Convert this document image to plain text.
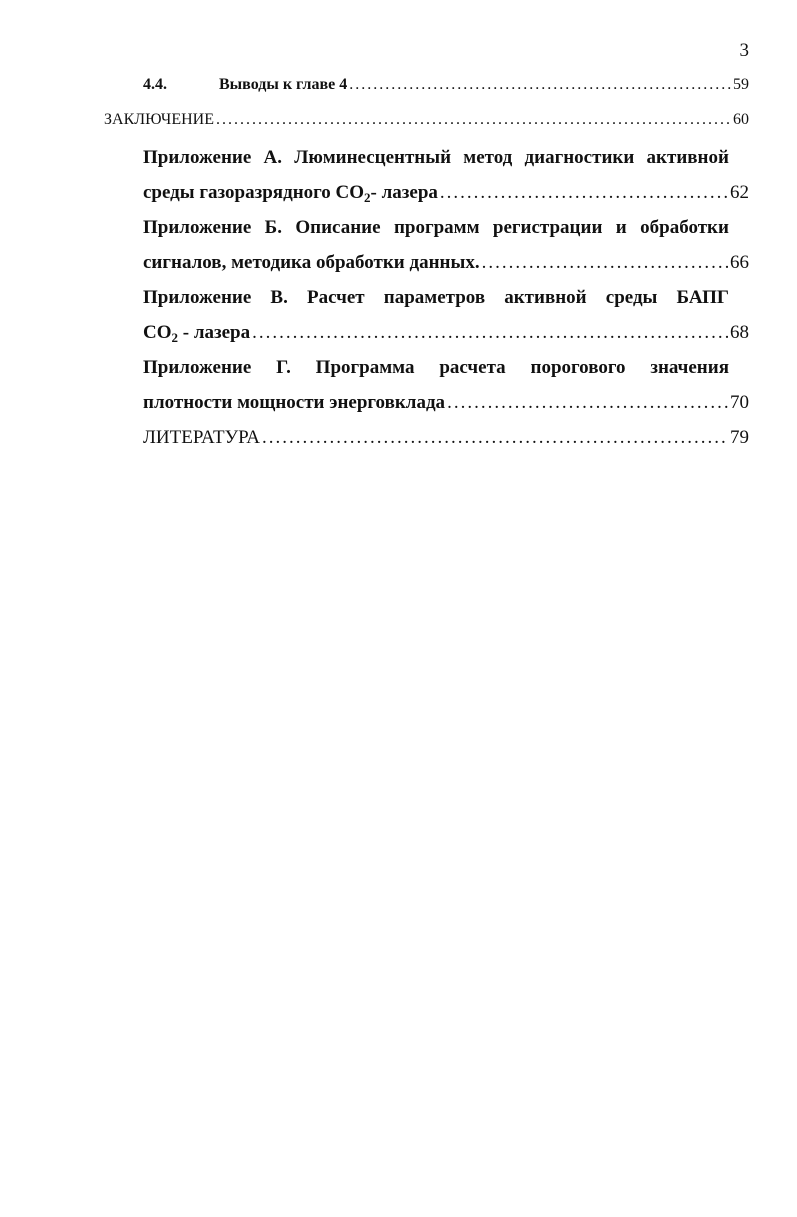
3
4.4.	Выводы к главе 4 .....	59
ЗАКЛЮЧЕНИЕ .....	60
Приложение А. Люминесцентный метод диагностики активной
среды газоразрядного $CO_2-$ лазера .....	62
Приложение Б. Описание программ регистрации и обработки
сигналов, методика обработки данных. .....	66
Приложение В. Расчет параметров активной среды БАПГ
$CO_2$ - лазера .....	68
Приложение Г. Программа расчета порогового значения
плотности мощности энерговклада .....	70
ЛИТЕРАТУРА .....	79
